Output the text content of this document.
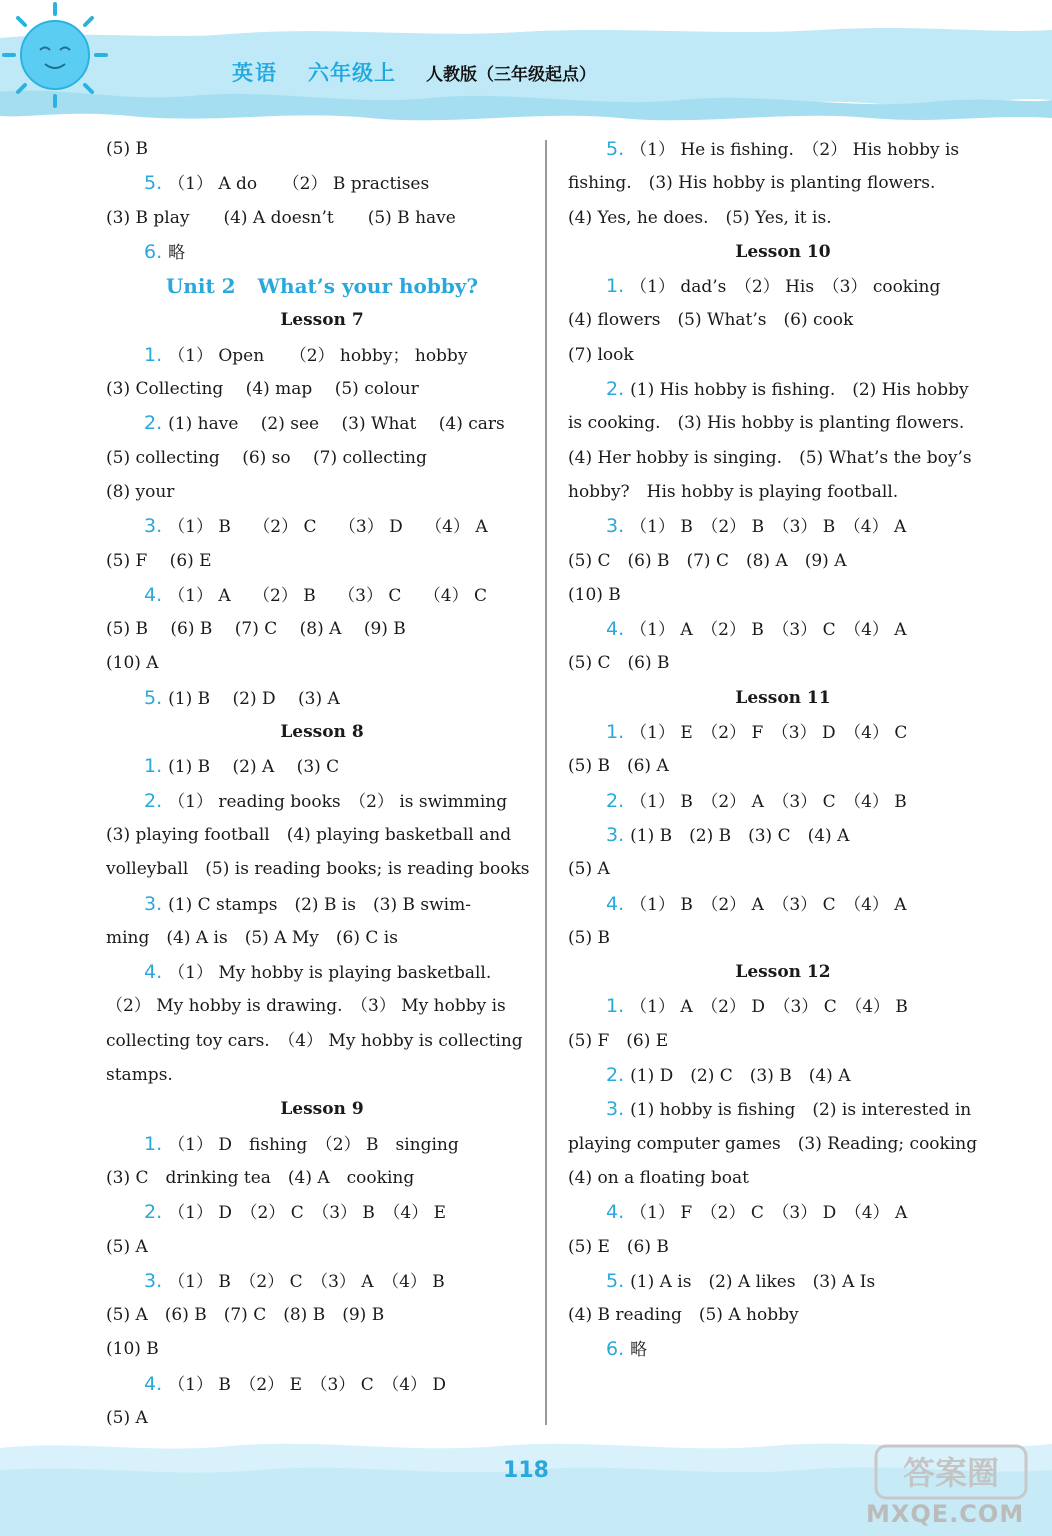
英语 六年级上 人教版（三年级起点）
(5) B
5. （1） A do　　（2） B practises
(3) B play　　(4) A doesn’t　　(5) B have
6. 略
Unit 2 What’s your hobby?
Lesson 7
1. （1） Open　　（2） hobby； hobby
(3) Collecting　 (4) map　 (5) colour
2. (1) have　 (2) see　 (3) What　 (4) cars
(5) collecting　 (6) so　 (7) collecting
(8) your
3. （1） B　 （2） C　 （3） D　 （4） A
(5) F　 (6) E
4. （1） A　 （2） B　 （3） C　 （4） C
(5) B　 (6) B　 (7) C　 (8) A　 (9) B
(10) A
5. (1) B　 (2) D　 (3) A
Lesson 8
1. (1) B　 (2) A　 (3) C
2. （1） reading books　（2） is swimming
(3) playing football　(4) playing basketball and
volleyball　(5) is reading books; is reading books
3. (1) C stamps　(2) B is　(3) B swim-
ming　(4) A is　(5) A My　(6) C is
4. （1） My hobby is playing basketball.
（2） My hobby is drawing.　（3） My hobby is
collecting toy cars.　（4） My hobby is collecting
stamps.
Lesson 9
1. （1） D　fishing　（2） B　singing
(3) C　drinking tea　(4) A　cooking
2. （1） D　（2） C　（3） B　（4） E
(5) A
3. （1） B　（2） C　（3） A　（4） B
(5) A　(6) B　(7) C　(8) B　(9) B
(10) B
4. （1） B　（2） E　（3） C　（4） D
(5) A
5. （1） He is fishing.　（2） His hobby is
fishing.　(3) His hobby is planting flowers.
(4) Yes, he does.　(5) Yes, it is.
Lesson 10
1. （1） dad’s　（2） His　（3） cooking
(4) flowers　(5) What’s　(6) cook
(7) look
2. (1) His hobby is fishing.　(2) His hobby
is cooking.　(3) His hobby is planting flowers.
(4) Her hobby is singing.　(5) What’s the boy’s
hobby?　His hobby is playing football.
3. （1） B　（2） B　（3） B　（4） A
(5) C　(6) B　(7) C　(8) A　(9) A
(10) B
4. （1） A　（2） B　（3） C　（4） A
(5) C　(6) B
Lesson 11
1. （1） E　（2） F　（3） D　（4） C
(5) B　(6) A
2. （1） B　（2） A　（3） C　（4） B
3. (1) B　(2) B　(3) C　(4) A
(5) A
4. （1） B　（2） A　（3） C　（4） A
(5) B
Lesson 12
1. （1） A　（2） D　（3） C　（4） B
(5) F　(6) E
2. (1) D　(2) C　(3) B　(4) A
3. (1) hobby is fishing　(2) is interested in
playing computer games　(3) Reading; cooking
(4) on a floating boat
4. （1） F　（2） C　（3） D　（4） A
(5) E　(6) B
5. (1) A is　(2) A likes　(3) A Is
(4) B reading　(5) A hobby
6. 略
118	答案圈
MXQE.COM
